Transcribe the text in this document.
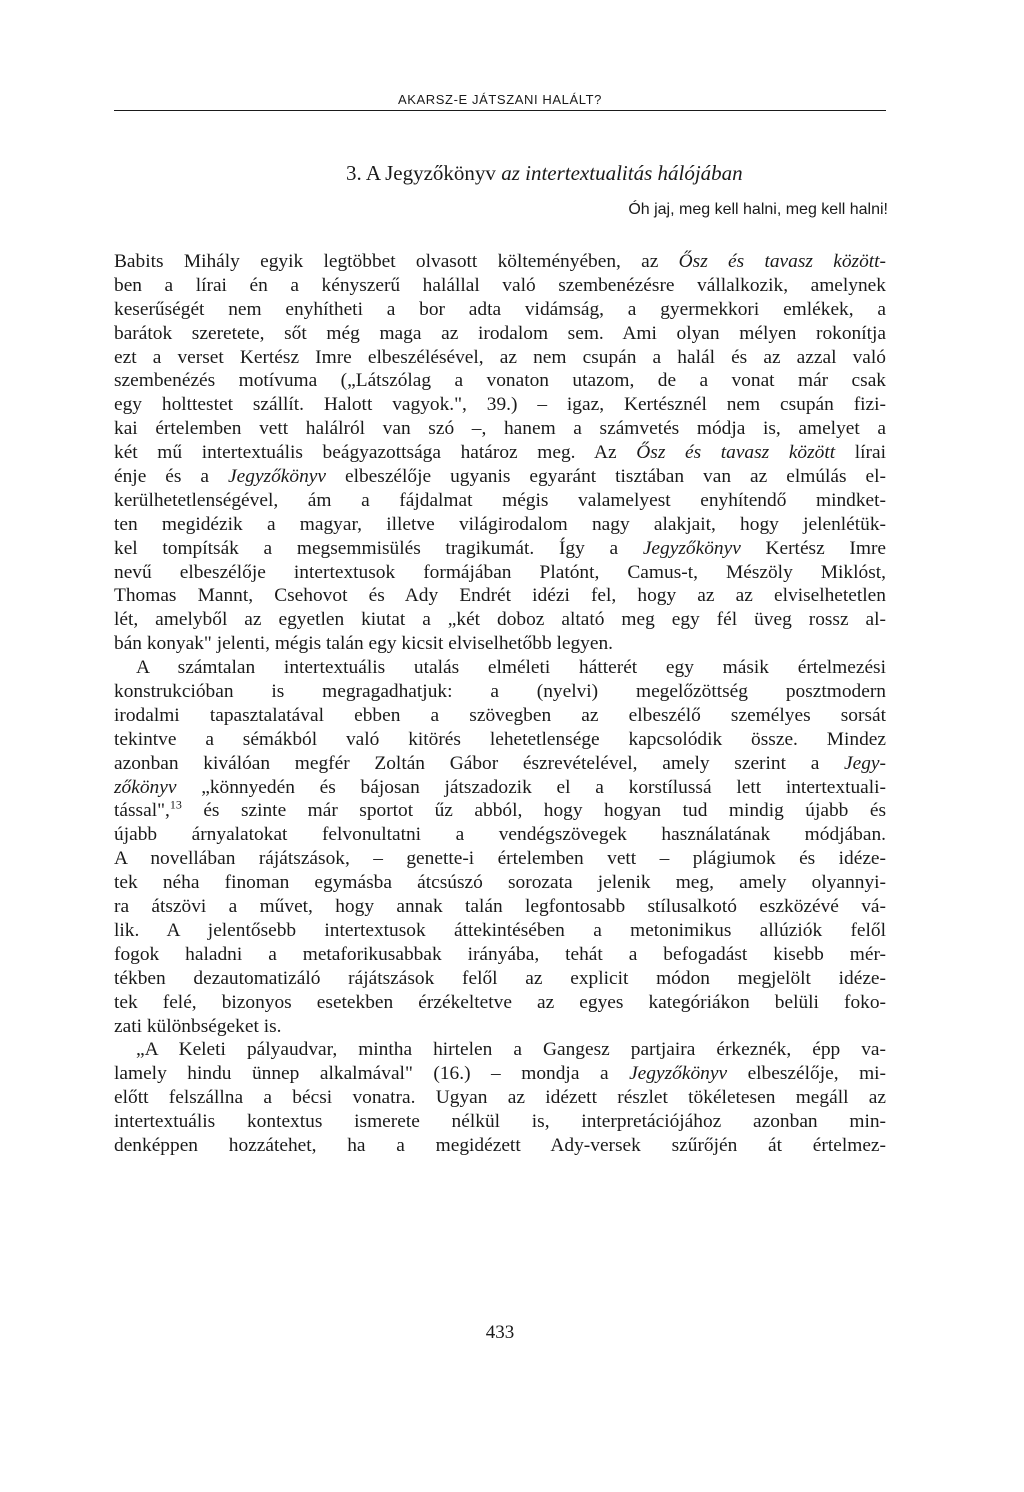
AKARSZ-E JÁTSZANI HALÁLT?
3. A Jegyzőkönyv az intertextualitás hálójában
Óh jaj, meg kell halni, meg kell halni!
Babits Mihály egyik legtöbbet olvasott költeményében, az Ősz és tavasz között-
ben a lírai én a kényszerű halállal való szembenézésre vállalkozik, amelynek
keserűségét nem enyhítheti a bor adta vidámság, a gyermekkori emlékek, a
barátok szeretete, sőt még maga az irodalom sem. Ami olyan mélyen rokonítja
ezt a verset Kertész Imre elbeszélésével, az nem csupán a halál és az azzal való
szembenézés motívuma („Látszólag a vonaton utazom, de a vonat már csak
egy holttestet szállít. Halott vagyok.", 39.) – igaz, Kertésznél nem csupán fizi-
kai értelemben vett halálról van szó –, hanem a számvetés módja is, amelyet a
két mű intertextuális beágyazottsága határoz meg. Az Ősz és tavasz között lírai
énje és a Jegyzőkönyv elbeszélője ugyanis egyaránt tisztában van az elmúlás el-
kerülhetetlenségével, ám a fájdalmat mégis valamelyest enyhítendő mindket-
ten megidézik a magyar, illetve világirodalom nagy alakjait, hogy jelenlétük-
kel tompítsák a megsemmisülés tragikumát. Így a Jegyzőkönyv Kertész Imre
nevű elbeszélője intertextusok formájában Platónt, Camus-t, Mészöly Miklóst,
Thomas Mannt, Csehovot és Ady Endrét idézi fel, hogy az az elviselhetetlen
lét, amelyből az egyetlen kiutat a „két doboz altató meg egy fél üveg rossz al-
bán konyak" jelenti, mégis talán egy kicsit elviselhetőbb legyen.
A számtalan intertextuális utalás elméleti hátterét egy másik értelmezési
konstrukcióban is megragadhatjuk: a (nyelvi) megelőzöttség posztmodern
irodalmi tapasztalatával ebben a szövegben az elbeszélő személyes sorsát
tekintve a sémákból való kitörés lehetetlensége kapcsolódik össze. Mindez
azonban kiválóan megfér Zoltán Gábor észrevételével, amely szerint a Jegy-
zőkönyv „könnyedén és bájosan játszadozik el a korstílussá lett intertextuali-
tással",$^{13}$ és szinte már sportot űz abból, hogy hogyan tud mindig újabb és
újabb árnyalatokat felvonultatni a vendégszövegek használatának módjában.
A novellában rájátszások, – genette-i értelemben vett – plágiumok és idéze-
tek néha finoman egymásba átcsúszó sorozata jelenik meg, amely olyannyi-
ra átszövi a művet, hogy annak talán legfontosabb stílusalkotó eszközévé vá-
lik. A jelentősebb intertextusok áttekintésében a metonimikus allúziók felől
fogok haladni a metaforikusabbak irányába, tehát a befogadást kisebb mér-
tékben dezautomatizáló rájátszások felől az explicit módon megjelölt idéze-
tek felé, bizonyos esetekben érzékeltetve az egyes kategóriákon belüli foko-
zati különbségeket is.
„A Keleti pályaudvar, mintha hirtelen a Gangesz partjaira érkeznék, épp va-
lamely hindu ünnep alkalmával" (16.) – mondja a Jegyzőkönyv elbeszélője, mi-
előtt felszállna a bécsi vonatra. Ugyan az idézett részlet tökéletesen megáll az
intertextuális kontextus ismerete nélkül is, interpretációjához azonban min-
denképpen hozzátehet, ha a megidézett Ady-versek szűrőjén át értelmez-
433
